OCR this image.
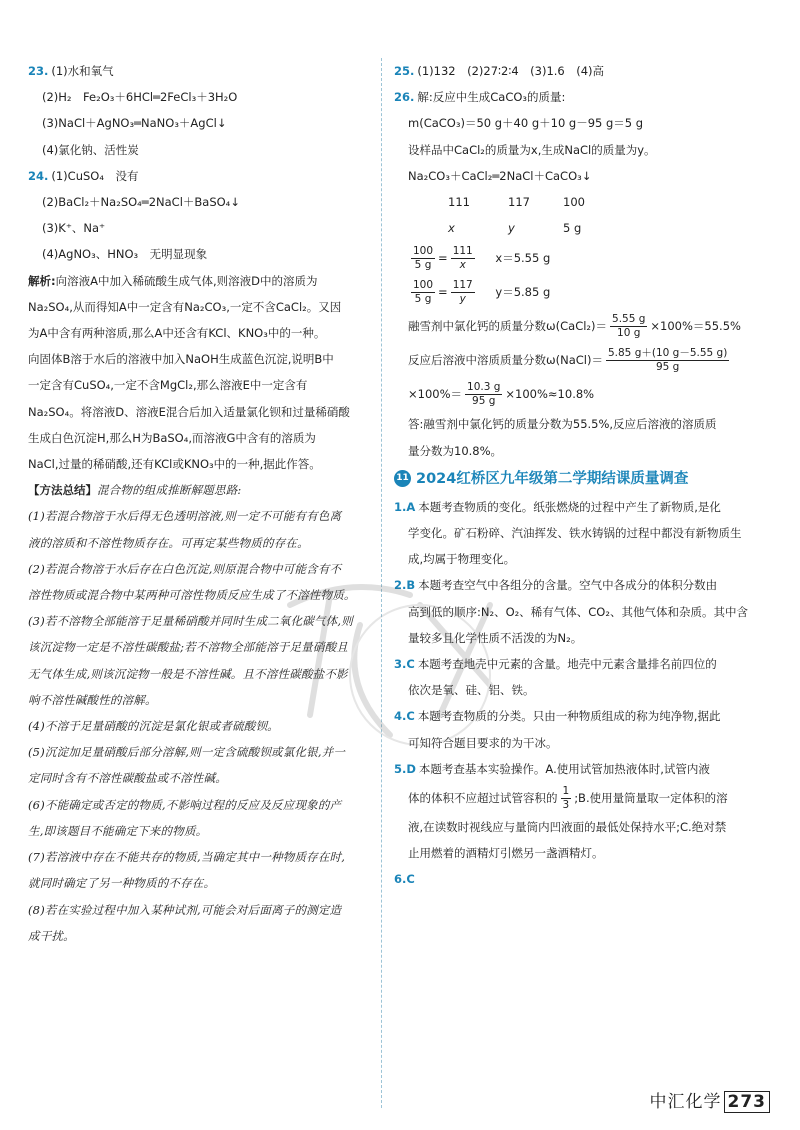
23. (1)水和氧气
(2)H₂　Fe₂O₃＋6HCl═2FeCl₃＋3H₂O
(3)NaCl＋AgNO₃═NaNO₃＋AgCl↓
(4)氯化钠、活性炭
24. (1)CuSO₄　没有
(2)BaCl₂＋Na₂SO₄═2NaCl＋BaSO₄↓
(3)K⁺、Na⁺
(4)AgNO₃、HNO₃　无明显现象
解析:向溶液A中加入稀硫酸生成气体,则溶液D中的溶质为
Na₂SO₄,从而得知A中一定含有Na₂CO₃,一定不含CaCl₂。又因
为A中含有两种溶质,那么A中还含有KCl、KNO₃中的一种。
向固体B溶于水后的溶液中加入NaOH生成蓝色沉淀,说明B中
一定含有CuSO₄,一定不含MgCl₂,那么溶液E中一定含有
Na₂SO₄。将溶液D、溶液E混合后加入适量氯化钡和过量稀硝酸
生成白色沉淀H,那么H为BaSO₄,而溶液G中含有的溶质为
NaCl,过量的稀硝酸,还有KCl或KNO₃中的一种,据此作答。
【方法总结】混合物的组成推断解题思路:
(1)若混合物溶于水后得无色透明溶液,则一定不可能有有色离
液的溶质和不溶性物质存在。可再定某些物质的存在。
(2)若混合物溶于水后存在白色沉淀,则原混合物中可能含有不
溶性物质或混合物中某两种可溶性物质反应生成了不溶性物质。
(3)若不溶物全部能溶于足量稀硝酸并同时生成二氧化碳气体,则
该沉淀物一定是不溶性碳酸盐;若不溶物全部能溶于足量硝酸且
无气体生成,则该沉淀物一般是不溶性碱。且不溶性碳酸盐不影
响不溶性碱酸性的溶解。
(4)不溶于足量硝酸的沉淀是氯化银或者硫酸钡。
(5)沉淀加足量硝酸后部分溶解,则一定含硫酸钡或氯化银,并一
定同时含有不溶性碳酸盐或不溶性碱。
(6)不能确定或否定的物质,不影响过程的反应及反应现象的产
生,即该题目不能确定下来的物质。
(7)若溶液中存在不能共存的物质,当确定其中一种物质存在时,
就同时确定了另一种物质的不存在。
(8)若在实验过程中加入某种试剂,可能会对后面离子的测定造
成干扰。
25. (1)132　(2)27∶2∶4　(3)1.6　(4)高
26. 解:反应中生成CaCO₃的质量:
m(CaCO₃)＝50 g＋40 g＋10 g－95 g＝5 g
设样品中CaCl₂的质量为x,生成NaCl的质量为y。
Na₂CO₃＋CaCl₂═2NaCl＋CaCO₃↓
111	117	100
x	y	5 g
$\frac{100}{5 g} = \frac{111}{x} x=5.55$ g
$\frac{100}{5 g} = \frac{117}{y} y=5.85$ g
融雪剂中氯化钙的质量分数ω(CaCl₂)＝ $\frac{5.55 g}{10 g} \times 100\%=55.5\%$
反应后溶液中溶质质量分数ω(NaCl)＝ $\frac{5.85 g+(10 g-5.55 g)}{95 g}$
$\times 100\%= \frac{10.3 g}{95 g} \times 100\%\approx 10.8\%$
答:融雪剂中氯化钙的质量分数为55.5%,反应后溶液的溶质质
量分数为10.8%。
11 2024红桥区九年级第二学期结课质量调查
1.A 本题考查物质的变化。纸张燃烧的过程中产生了新物质,是化
学变化。矿石粉碎、汽油挥发、铁水铸锅的过程中都没有新物质生
成,均属于物理变化。
2.B 本题考查空气中各组分的含量。空气中各成分的体积分数由
高到低的顺序:N₂、O₂、稀有气体、CO₂、其他气体和杂质。其中含
量较多且化学性质不活泼的为N₂。
3.C 本题考查地壳中元素的含量。地壳中元素含量排名前四位的
依次是氧、硅、铝、铁。
4.C 本题考查物质的分类。只由一种物质组成的称为纯净物,据此
可知符合题目要求的为干冰。
5.D 本题考查基本实验操作。A.使用试管加热液体时,试管内液
体的体积不应超过试管容积的 $\frac{1}{3}$ ;B.使用量筒量取一定体积的溶
液,在读数时视线应与量筒内凹液面的最低处保持水平;C.绝对禁
止用燃着的酒精灯引燃另一盏酒精灯。
6.C
中汇化学 273
